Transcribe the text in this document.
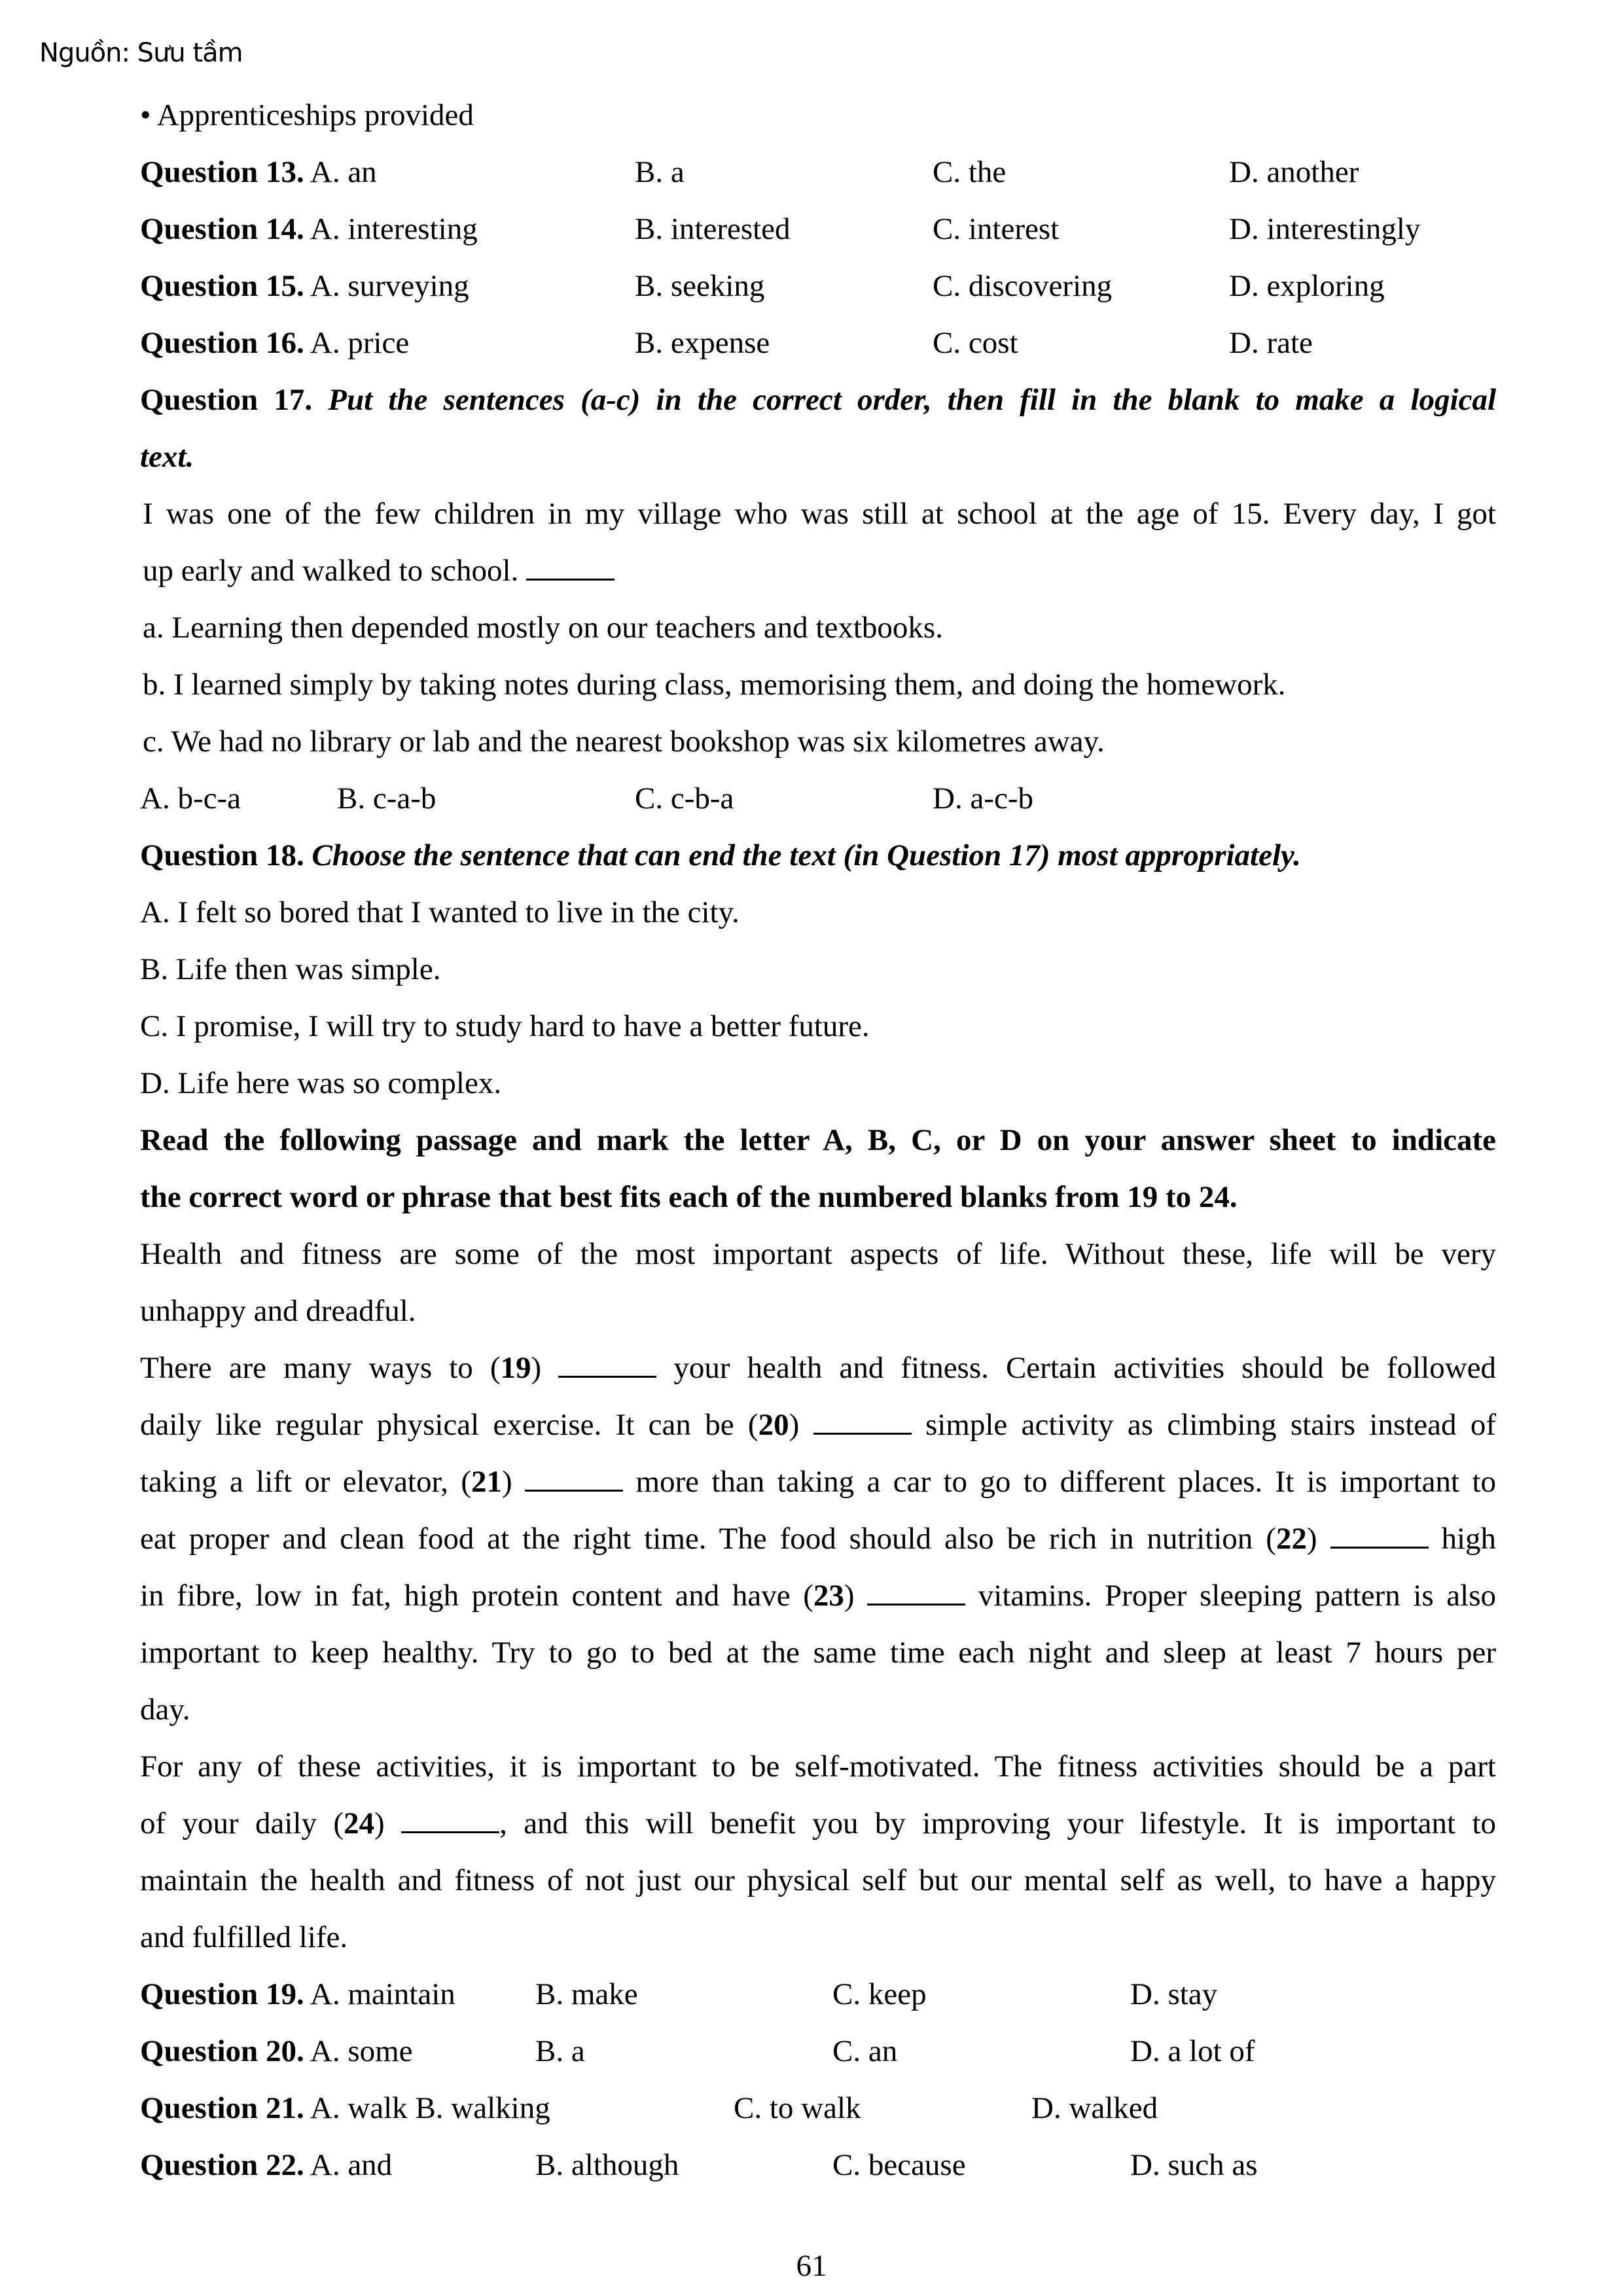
Nguồn: Sưu tầm
• Apprenticeships provided
Question 13. A. an	B. a	C. the	D. another
Question 14. A. interesting	B. interested	C. interest	D. interestingly
Question 15. A. surveying	B. seeking	C. discovering	D. exploring
Question 16. A. price	B. expense	C. cost	D. rate
Question 17. Put the sentences (a-c) in the correct order, then fill in the blank to make a logical
text.
I was one of the few children in my village who was still at school at the age of 15. Every day, I got
up early and walked to school.
a. Learning then depended mostly on our teachers and textbooks.
b. I learned simply by taking notes during class, memorising them, and doing the homework.
c. We had no library or lab and the nearest bookshop was six kilometres away.
A. b-c-a	B. c-a-b	C. c-b-a	D. a-c-b
Question 18. Choose the sentence that can end the text (in Question 17) most appropriately.
A. I felt so bored that I wanted to live in the city.
B. Life then was simple.
C. I promise, I will try to study hard to have a better future.
D. Life here was so complex.
Read the following passage and mark the letter A, B, C, or D on your answer sheet to indicate
the correct word or phrase that best fits each of the numbered blanks from 19 to 24.
Health and fitness are some of the most important aspects of life. Without these, life will be very
unhappy and dreadful.
There are many ways to (19)	your health and fitness. Certain activities should be followed
daily like regular physical exercise. It can be (20)	simple activity as climbing stairs instead of
taking a lift or elevator, (21)	more than taking a car to go to different places. It is important to
eat proper and clean food at the right time. The food should also be rich in nutrition (22)	high
in fibre, low in fat, high protein content and have (23)	vitamins. Proper sleeping pattern is also
important to keep healthy. Try to go to bed at the same time each night and sleep at least 7 hours per
day.
For any of these activities, it is important to be self-motivated. The fitness activities should be a part
of your daily (24)	, and this will benefit you by improving your lifestyle. It is important to
maintain the health and fitness of not just our physical self but our mental self as well, to have a happy
and fulfilled life.
Question 19. A. maintain	B. make	C. keep	D. stay
Question 20. A. some	B. a	C. an	D. a lot of
Question 21. A. walk B. walking	C. to walk	D. walked
Question 22. A. and	B. although	C. because	D. such as
61
